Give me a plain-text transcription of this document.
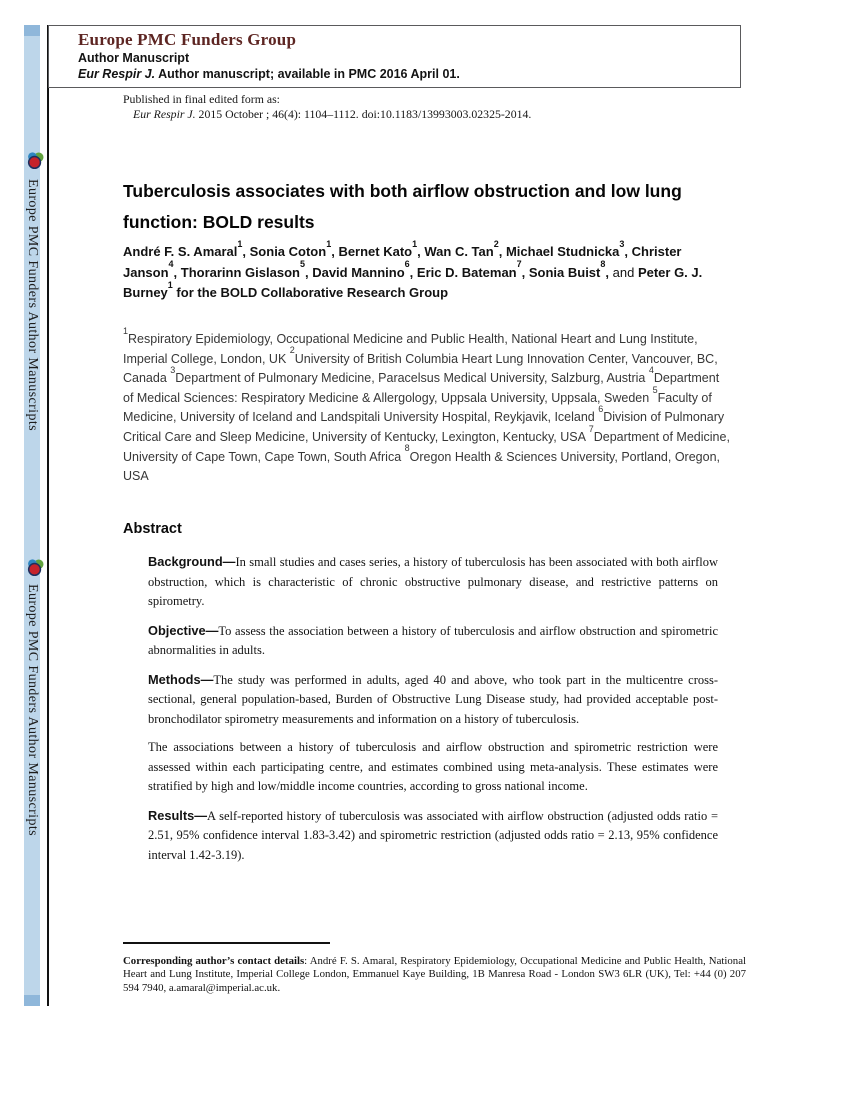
Europe PMC Funders Author Manuscripts
Europe PMC Funders Author Manuscripts
Europe PMC Funders Group
Author Manuscript
Eur Respir J. Author manuscript; available in PMC 2016 April 01.
Published in final edited form as:
Eur Respir J. 2015 October ; 46(4): 1104–1112. doi:10.1183/13993003.02325-2014.
Tuberculosis associates with both airflow obstruction and low lung function: BOLD results

André F. S. Amaral$^1$, Sonia Coton$^1$, Bernet Kato$^1$, Wan C. Tan$^2$, Michael Studnicka$^3$, Christer Janson$^4$, Thorarinn Gislason$^5$, David Mannino$^6$, Eric D. Bateman$^7$, Sonia Buist$^8$, and Peter G. J. Burney$^1$ for the BOLD Collaborative Research Group

$^1$Respiratory Epidemiology, Occupational Medicine and Public Health, National Heart and Lung Institute, Imperial College, London, UK $^2$University of British Columbia Heart Lung Innovation Center, Vancouver, BC, Canada $^3$Department of Pulmonary Medicine, Paracelsus Medical University, Salzburg, Austria $^4$Department of Medical Sciences: Respiratory Medicine & Allergology, Uppsala University, Uppsala, Sweden $^5$Faculty of Medicine, University of Iceland and Landspitali University Hospital, Reykjavik, Iceland $^6$Division of Pulmonary Critical Care and Sleep Medicine, University of Kentucky, Lexington, Kentucky, USA $^7$Department of Medicine, University of Cape Town, Cape Town, South Africa $^8$Oregon Health & Sciences University, Portland, Oregon, USA

Abstract

Background—In small studies and cases series, a history of tuberculosis has been associated with both airflow obstruction, which is characteristic of chronic obstructive pulmonary disease, and restrictive patterns on spirometry.

Objective—To assess the association between a history of tuberculosis and airflow obstruction and spirometric abnormalities in adults.

Methods—The study was performed in adults, aged 40 and above, who took part in the multicentre cross-sectional, general population-based, Burden of Obstructive Lung Disease study, had provided acceptable post-bronchodilator spirometry measurements and information on a history of tuberculosis.

The associations between a history of tuberculosis and airflow obstruction and spirometric restriction were assessed within each participating centre, and estimates combined using meta-analysis. These estimates were stratified by high and low/middle income countries, according to gross national income.

Results—A self-reported history of tuberculosis was associated with airflow obstruction (adjusted odds ratio = 2.51, 95% confidence interval 1.83-3.42) and spirometric restriction (adjusted odds ratio = 2.13, 95% confidence interval 1.42-3.19).

Corresponding author’s contact details: André F. S. Amaral, Respiratory Epidemiology, Occupational Medicine and Public Health, National Heart and Lung Institute, Imperial College London, Emmanuel Kaye Building, 1B Manresa Road - London SW3 6LR (UK), Tel: +44 (0) 207 594 7940, a.amaral@imperial.ac.uk.
